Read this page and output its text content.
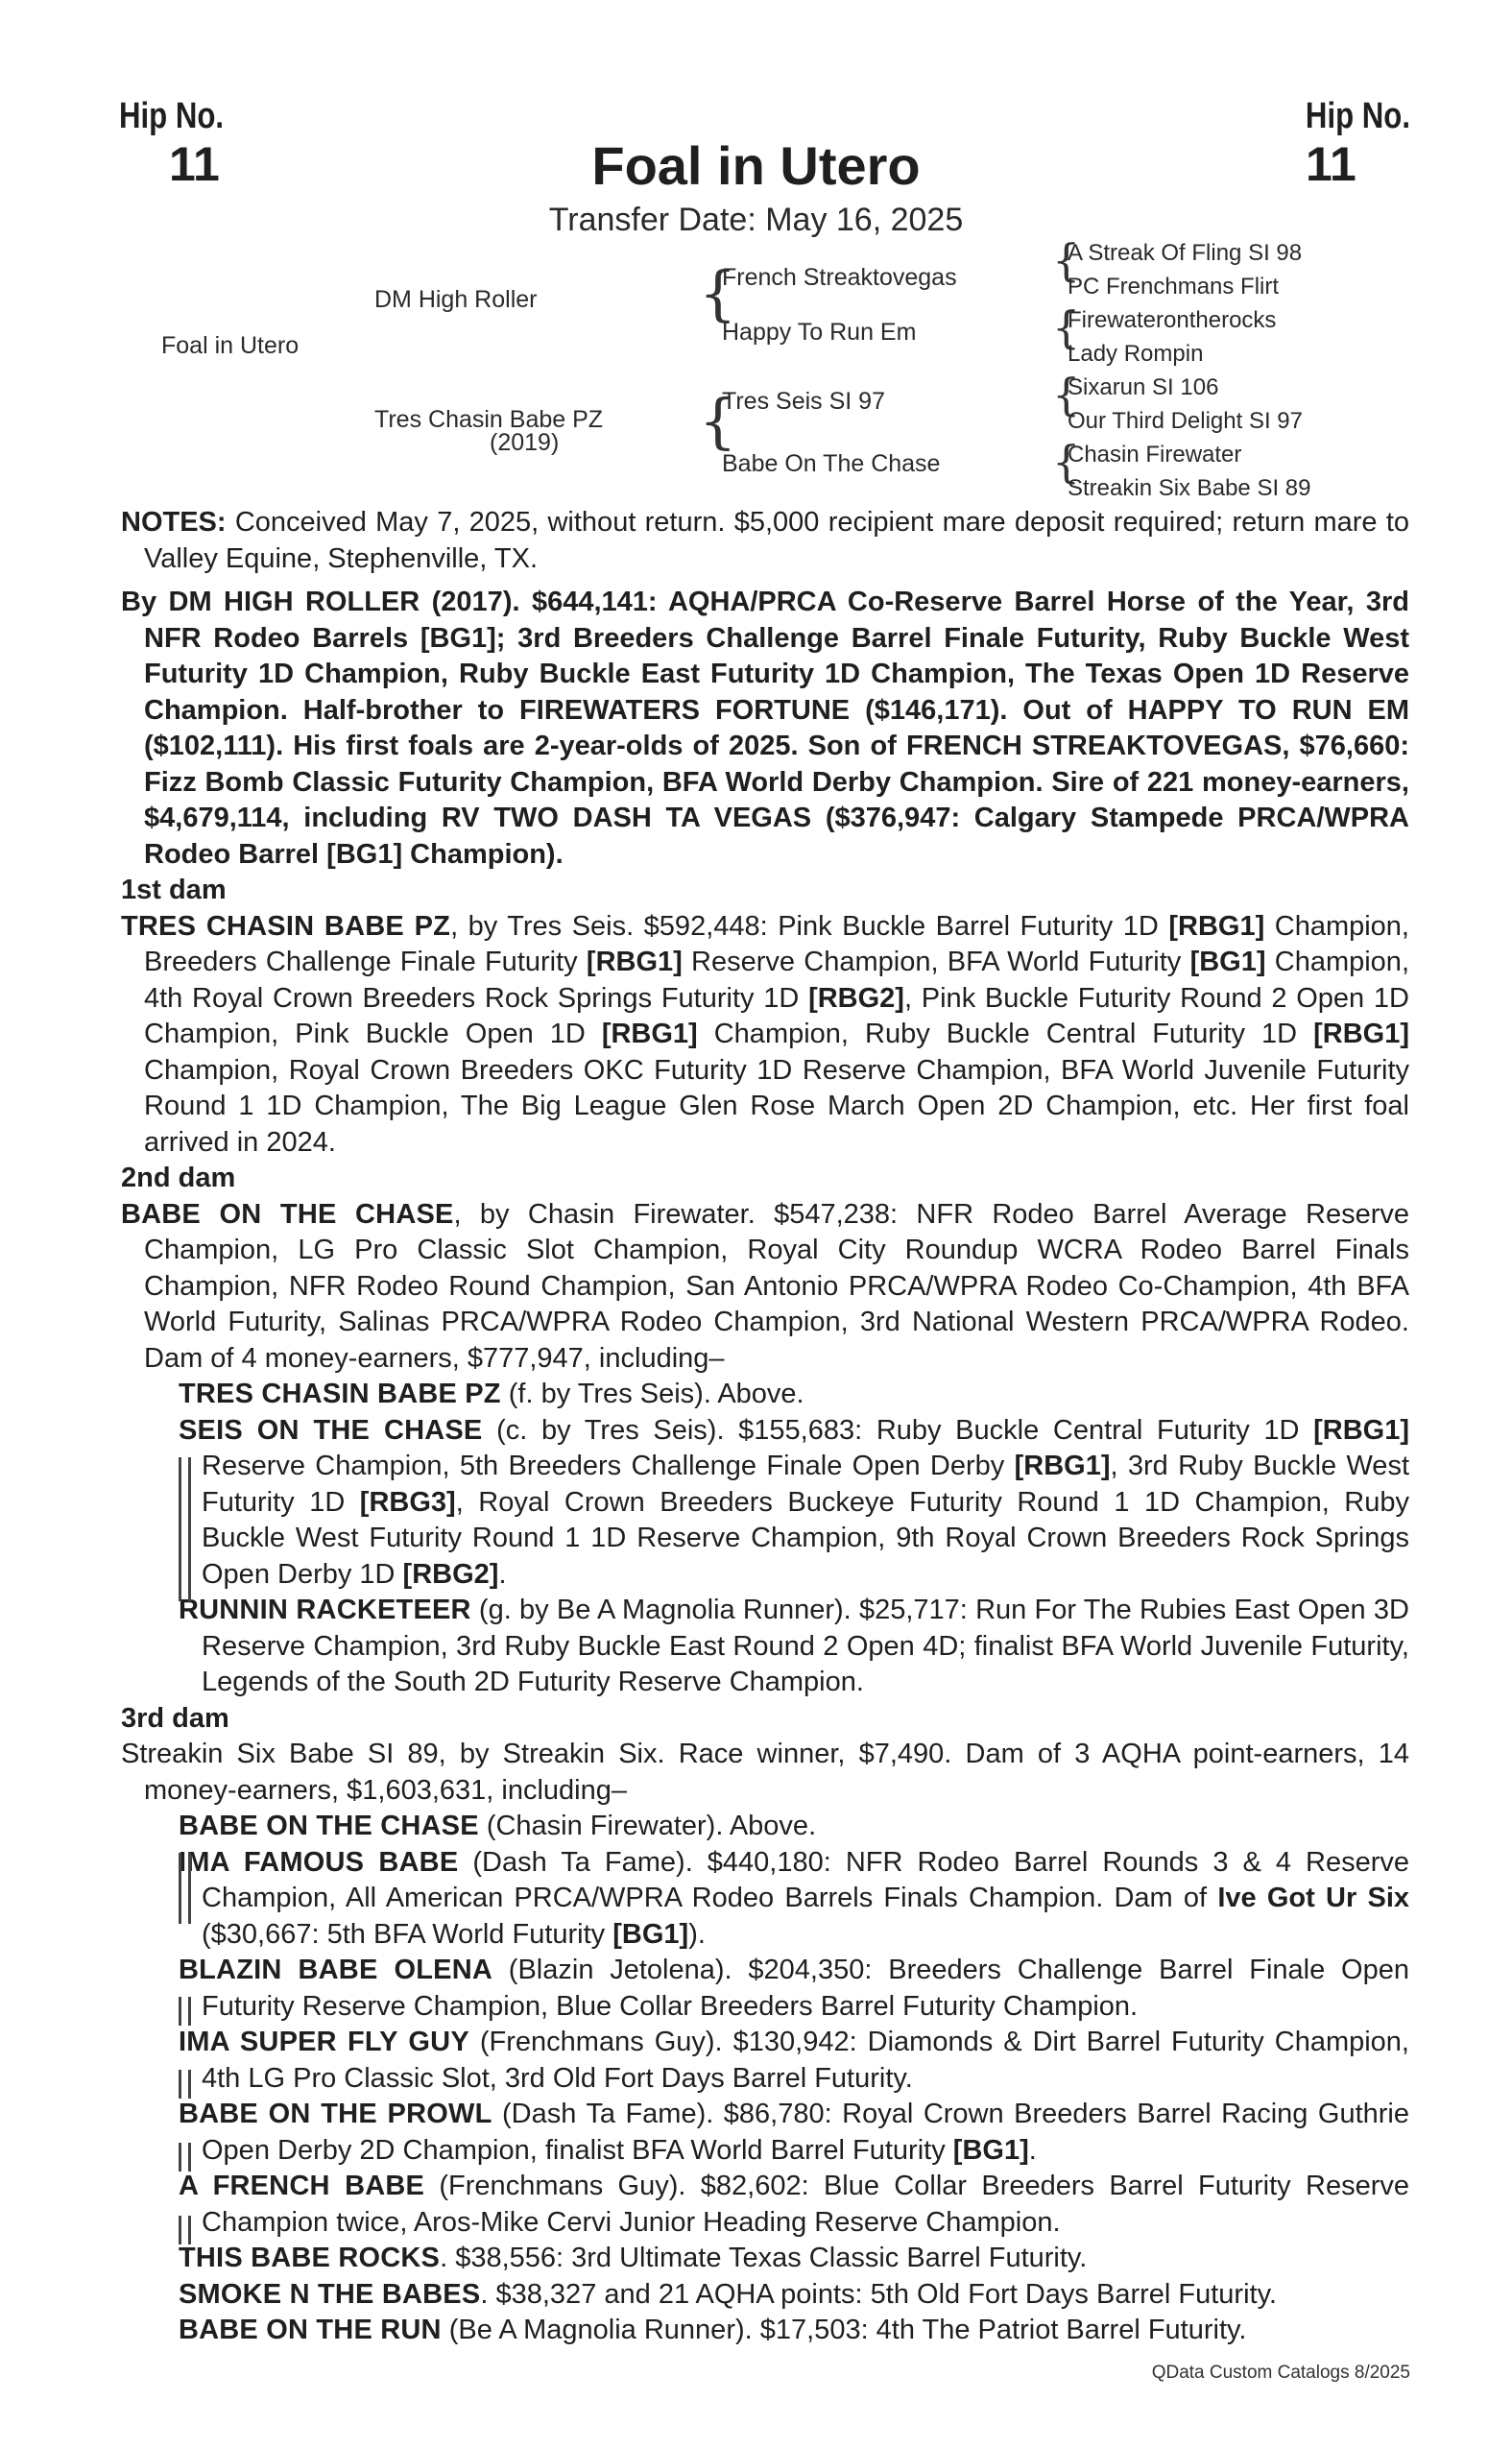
Hip No.
11
Hip No.
11
Foal in Utero
Transfer Date: May 16, 2025
Foal in Utero
DM High Roller
Tres Chasin Babe PZ
(2019)
{
French Streaktovegas
Happy To Run Em
{
Tres Seis SI 97
Babe On The Chase
{
A Streak Of Fling SI 98
PC Frenchmans Flirt
{
Firewaterontherocks
Lady Rompin
{
Sixarun SI 106
Our Third Delight SI 97
{
Chasin Firewater
Streakin Six Babe SI 89

NOTES: Conceived May 7, 2025, without return. $5,000 recipient mare deposit required; return mare to Valley Equine, Stephenville, TX.

By DM HIGH ROLLER (2017). $644,141: AQHA/PRCA Co-Reserve Barrel Horse of the Year, 3rd NFR Rodeo Barrels [BG1]; 3rd Breeders Challenge Barrel Finale Futurity, Ruby Buckle West Futurity 1D Champion, Ruby Buckle East Futurity 1D Champion, The Texas Open 1D Reserve Champion. Half-brother to FIREWATERS FORTUNE ($146,171). Out of HAPPY TO RUN EM ($102,111). His first foals are 2-year-olds of 2025. Son of FRENCH STREAKTOVEGAS, $76,660: Fizz Bomb Classic Futurity Champion, BFA World Derby Champion. Sire of 221 money-earners, $4,679,114, including RV TWO DASH TA VEGAS ($376,947: Calgary Stampede PRCA/WPRA Rodeo Barrel [BG1] Champion).

1st dam

TRES CHASIN BABE PZ, by Tres Seis. $592,448: Pink Buckle Barrel Futurity 1D [RBG1] Champion, Breeders Challenge Finale Futurity [RBG1] Reserve Champion, BFA World Futurity [BG1] Champion, 4th Royal Crown Breeders Rock Springs Futurity 1D [RBG2], Pink Buckle Futurity Round 2 Open 1D Champion, Pink Buckle Open 1D [RBG1] Champion, Ruby Buckle Central Futurity 1D [RBG1] Champion, Royal Crown Breeders OKC Futurity 1D Reserve Champion, BFA World Juvenile Futurity Round 1 1D Champion, The Big League Glen Rose March Open 2D Champion, etc. Her first foal arrived in 2024.

2nd dam

BABE ON THE CHASE, by Chasin Firewater. $547,238: NFR Rodeo Barrel Average Reserve Champion, LG Pro Classic Slot Champion, Royal City Roundup WCRA Rodeo Barrel Finals Champion, NFR Rodeo Round Champion, San Antonio PRCA/WPRA Rodeo Co-Champion, 4th BFA World Futurity, Salinas PRCA/WPRA Rodeo Champion, 3rd National Western PRCA/WPRA Rodeo. Dam of 4 money-earners, $777,947, including–

TRES CHASIN BABE PZ (f. by Tres Seis). Above.

SEIS ON THE CHASE (c. by Tres Seis). $155,683: Ruby Buckle Central Futurity 1D [RBG1] Reserve Champion, 5th Breeders Challenge Finale Open Derby [RBG1], 3rd Ruby Buckle West Futurity 1D [RBG3], Royal Crown Breeders Buckeye Futurity Round 1 1D Champion, Ruby Buckle West Futurity Round 1 1D Reserve Champion, 9th Royal Crown Breeders Rock Springs Open Derby 1D [RBG2].

RUNNIN RACKETEER (g. by Be A Magnolia Runner). $25,717: Run For The Rubies East Open 3D Reserve Champion, 3rd Ruby Buckle East Round 2 Open 4D; finalist BFA World Juvenile Futurity, Legends of the South 2D Futurity Reserve Champion.

3rd dam

Streakin Six Babe SI 89, by Streakin Six. Race winner, $7,490. Dam of 3 AQHA point-earners, 14 money-earners, $1,603,631, including–

BABE ON THE CHASE (Chasin Firewater). Above.

IMA FAMOUS BABE (Dash Ta Fame). $440,180: NFR Rodeo Barrel Rounds 3 & 4 Reserve Champion, All American PRCA/WPRA Rodeo Barrels Finals Champion. Dam of Ive Got Ur Six ($30,667: 5th BFA World Futurity [BG1]).

BLAZIN BABE OLENA (Blazin Jetolena). $204,350: Breeders Challenge Barrel Finale Open Futurity Reserve Champion, Blue Collar Breeders Barrel Futurity Champion.

IMA SUPER FLY GUY (Frenchmans Guy). $130,942: Diamonds & Dirt Barrel Futurity Champion, 4th LG Pro Classic Slot, 3rd Old Fort Days Barrel Futurity.

BABE ON THE PROWL (Dash Ta Fame). $86,780: Royal Crown Breeders Barrel Racing Guthrie Open Derby 2D Champion, finalist BFA World Barrel Futurity [BG1].

A FRENCH BABE (Frenchmans Guy). $82,602: Blue Collar Breeders Barrel Futurity Reserve Champion twice, Aros-Mike Cervi Junior Heading Reserve Champion.

THIS BABE ROCKS. $38,556: 3rd Ultimate Texas Classic Barrel Futurity.

SMOKE N THE BABES. $38,327 and 21 AQHA points: 5th Old Fort Days Barrel Futurity.

BABE ON THE RUN (Be A Magnolia Runner). $17,503: 4th The Patriot Barrel Futurity.

QData Custom Catalogs 8/2025
